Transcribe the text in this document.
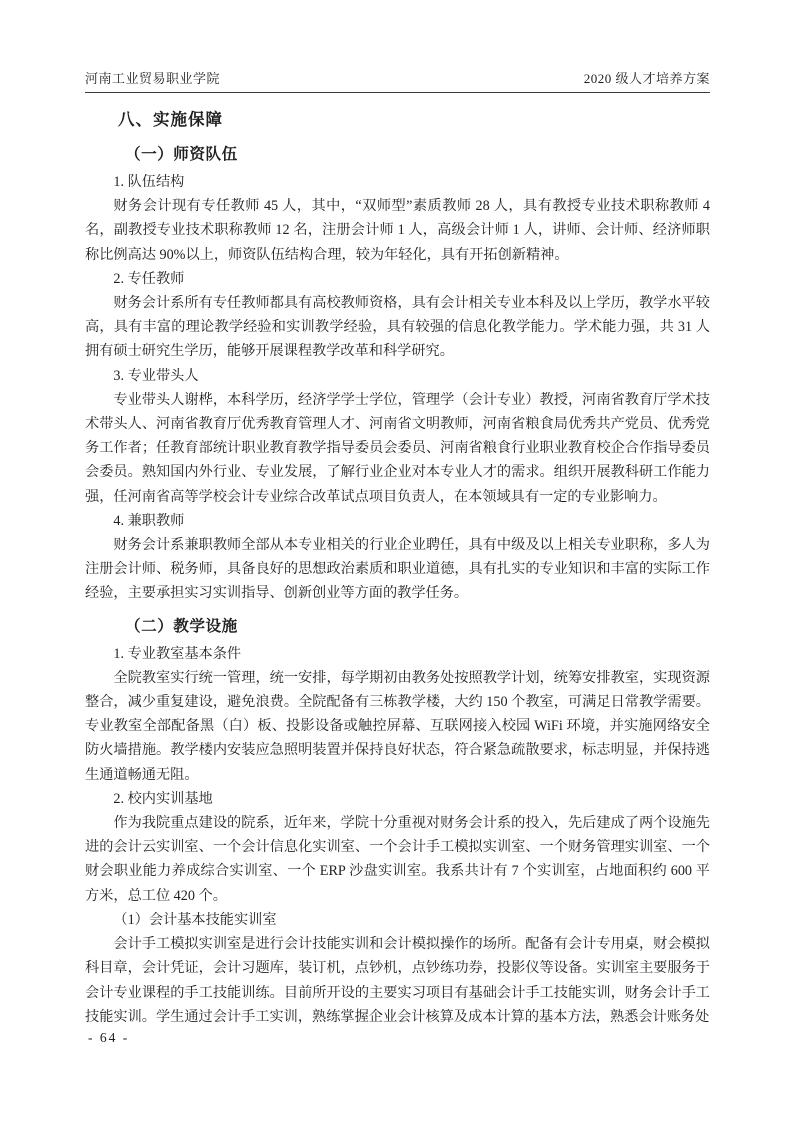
河南工业贸易职业学院	2020 级人才培养方案
八、实施保障
（一）师资队伍
1. 队伍结构

财务会计现有专任教师 45 人，其中，“双师型”素质教师 28 人，具有教授专业技术职称教师 4 名，副教授专业技术职称教师 12 名，注册会计师 1 人，高级会计师 1 人，讲师、会计师、经济师职称比例高达 90%以上，师资队伍结构合理，较为年轻化，具有开拓创新精神。

2. 专任教师

财务会计系所有专任教师都具有高校教师资格，具有会计相关专业本科及以上学历，教学水平较高，具有丰富的理论教学经验和实训教学经验，具有较强的信息化教学能力。学术能力强，共 31 人拥有硕士研究生学历，能够开展课程教学改革和科学研究。

3. 专业带头人

专业带头人谢桦，本科学历，经济学学士学位，管理学（会计专业）教授，河南省教育厅学术技术带头人、河南省教育厅优秀教育管理人才、河南省文明教师，河南省粮食局优秀共产党员、优秀党务工作者；任教育部统计职业教育教学指导委员会委员、河南省粮食行业职业教育校企合作指导委员会委员。熟知国内外行业、专业发展，了解行业企业对本专业人才的需求。组织开展教科研工作能力强，任河南省高等学校会计专业综合改革试点项目负责人，在本领域具有一定的专业影响力。

4. 兼职教师

财务会计系兼职教师全部从本专业相关的行业企业聘任，具有中级及以上相关专业职称，多人为注册会计师、税务师，具备良好的思想政治素质和职业道德，具有扎实的专业知识和丰富的实际工作经验，主要承担实习实训指导、创新创业等方面的教学任务。

（二）教学设施
1. 专业教室基本条件

全院教室实行统一管理，统一安排，每学期初由教务处按照教学计划，统筹安排教室，实现资源整合，减少重复建设，避免浪费。全院配备有三栋教学楼，大约 150 个教室，可满足日常教学需要。专业教室全部配备黑（白）板、投影设备或触控屏幕、互联网接入校园 WiFi 环境，并实施网络安全防火墙措施。教学楼内安装应急照明装置并保持良好状态，符合紧急疏散要求，标志明显，并保持逃生通道畅通无阻。

2. 校内实训基地

作为我院重点建设的院系，近年来，学院十分重视对财务会计系的投入，先后建成了两个设施先进的会计云实训室、一个会计信息化实训室、一个会计手工模拟实训室、一个财务管理实训室、一个财会职业能力养成综合实训室、一个 ERP 沙盘实训室。我系共计有 7 个实训室，占地面积约 600 平方米，总工位 420 个。

（1）会计基本技能实训室

会计手工模拟实训室是进行会计技能实训和会计模拟操作的场所。配备有会计专用桌，财会模拟科目章，会计凭证，会计习题库，装订机，点钞机，点钞练功券，投影仪等设备。实训室主要服务于会计专业课程的手工技能训练。目前所开设的主要实习项目有基础会计手工技能实训，财务会计手工技能实训。学生通过会计手工实训，熟练掌握企业会计核算及成本计算的基本方法，熟悉会计账务处

- 64 -
